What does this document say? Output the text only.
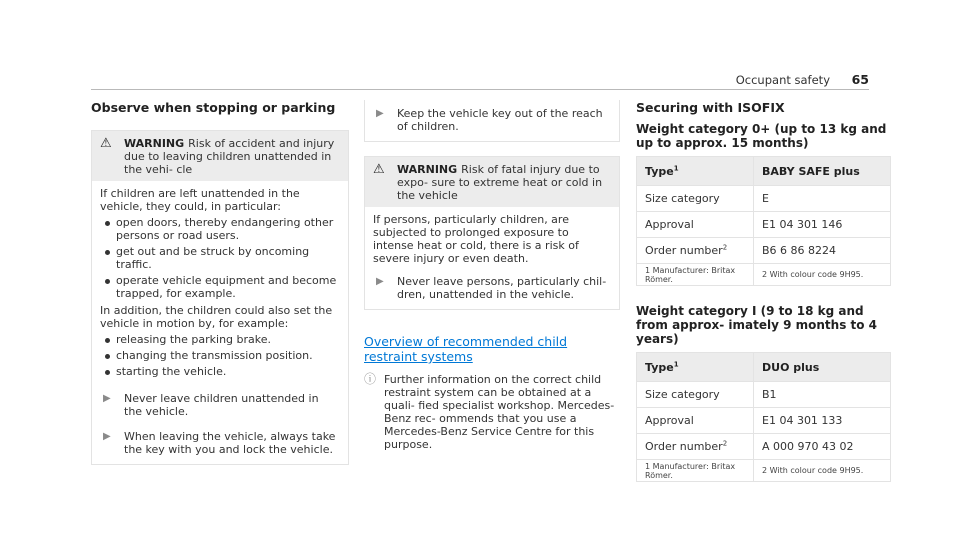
Occupant safety 65
Observe when stopping or parking
⚠	WARNING Risk of accident and injury due to leaving children unattended in the vehi- cle

If children are left unattended in the vehicle, they could, in particular:

open doors, thereby endangering other persons or road users.
get out and be struck by oncoming traffic.
operate vehicle equipment and become trapped, for example.

In addition, the children could also set the vehicle in motion by, for example:

releasing the parking brake.
changing the transmission position.
starting the vehicle.
▶	Never leave children unattended in the vehicle.
▶	When leaving the vehicle, always take the key with you and lock the vehicle.
▶	Keep the vehicle key out of the reach of children.
⚠	WARNING Risk of fatal injury due to expo- sure to extreme heat or cold in the vehicle

If persons, particularly children, are subjected to prolonged exposure to intense heat or cold, there is a risk of severe injury or even death.

▶	Never leave persons, particularly chil- dren, unattended in the vehicle.
Overview of recommended child restraint systems
ⓘ Further information on the correct child restraint system can be obtained at a quali- fied specialist workshop. Mercedes-Benz rec- ommends that you use a Mercedes-Benz Service Centre for this purpose.
Securing with ISOFIX
Weight category 0+ (up to 13 kg and up to approx. 15 months)
Type$^1$	BABY SAFE plus
Size category	E
Approval	E1 04 301 146
Order number$^2$	B6 6 86 8224
1 Manufacturer: Britax Römer.	2 With colour code 9H95.
Weight category I (9 to 18 kg and from approx- imately 9 months to 4 years)
Type$^1$	DUO plus
Size category	B1
Approval	E1 04 301 133
Order number$^2$	A 000 970 43 02
1 Manufacturer: Britax Römer.	2 With colour code 9H95.
